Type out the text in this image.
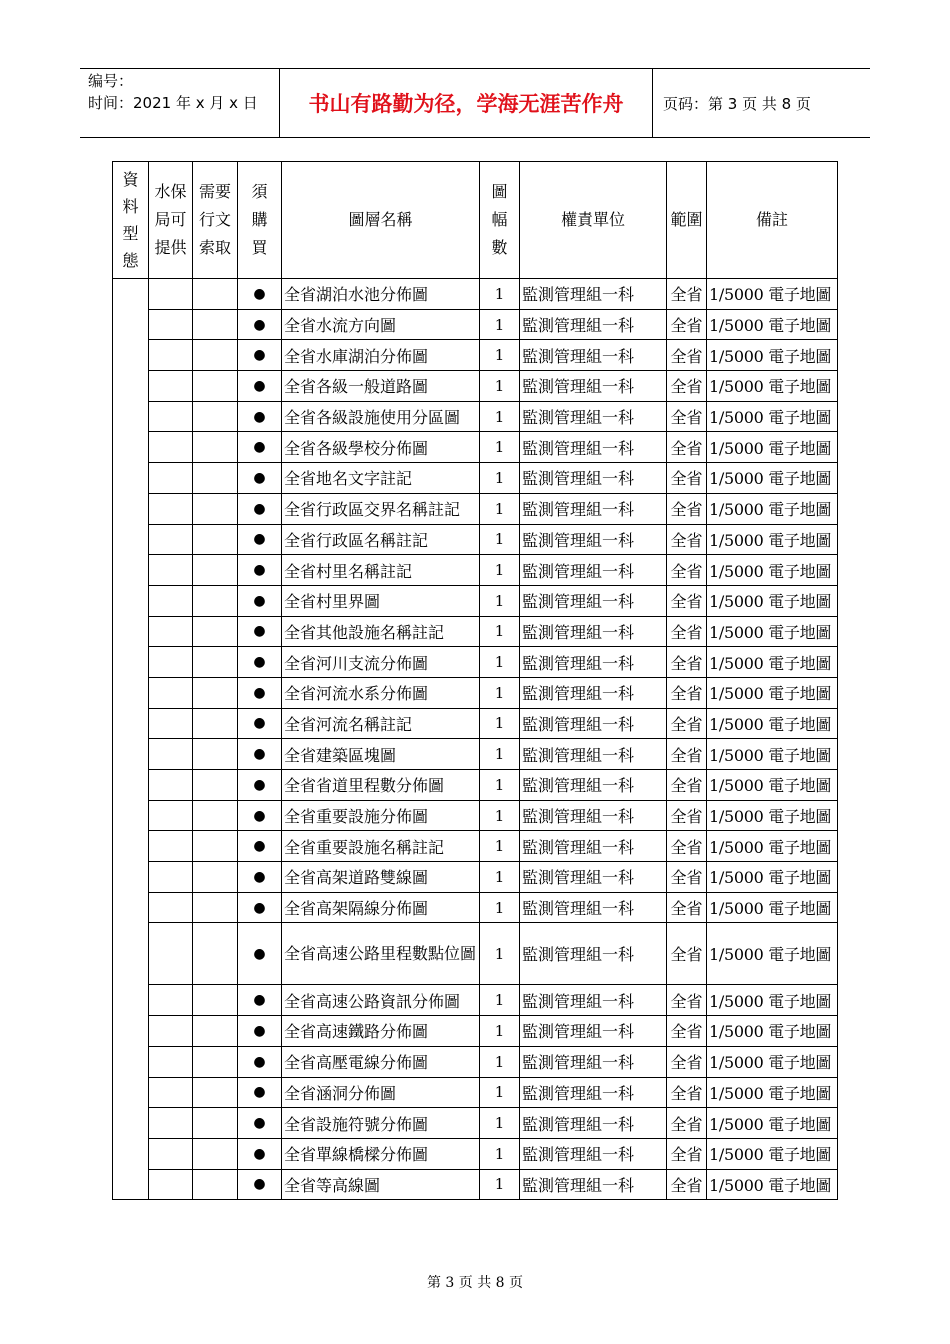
编号：
时间：2021 年 x 月 x 日	书山有路勤为径，学海无涯苦作舟	页码：第 3 页 共 8 页
資料型態	水保局可提供	需要行文索取	須購買	圖層名稱	圖幅數	權責單位	範圍	備註
			●	全省湖泊水池分佈圖	1	監測管理組一科	全省	1/5000 電子地圖
			●	全省水流方向圖	1	監測管理組一科	全省	1/5000 電子地圖
			●	全省水庫湖泊分佈圖	1	監測管理組一科	全省	1/5000 電子地圖
			●	全省各級一般道路圖	1	監測管理組一科	全省	1/5000 電子地圖
			●	全省各級設施使用分區圖	1	監測管理組一科	全省	1/5000 電子地圖
			●	全省各級學校分佈圖	1	監測管理組一科	全省	1/5000 電子地圖
			●	全省地名文字註記	1	監測管理組一科	全省	1/5000 電子地圖
			●	全省行政區交界名稱註記	1	監測管理組一科	全省	1/5000 電子地圖
			●	全省行政區名稱註記	1	監測管理組一科	全省	1/5000 電子地圖
			●	全省村里名稱註記	1	監測管理組一科	全省	1/5000 電子地圖
			●	全省村里界圖	1	監測管理組一科	全省	1/5000 電子地圖
			●	全省其他設施名稱註記	1	監測管理組一科	全省	1/5000 電子地圖
			●	全省河川支流分佈圖	1	監測管理組一科	全省	1/5000 電子地圖
			●	全省河流水系分佈圖	1	監測管理組一科	全省	1/5000 電子地圖
			●	全省河流名稱註記	1	監測管理組一科	全省	1/5000 電子地圖
			●	全省建築區塊圖	1	監測管理組一科	全省	1/5000 電子地圖
			●	全省省道里程數分佈圖	1	監測管理組一科	全省	1/5000 電子地圖
			●	全省重要設施分佈圖	1	監測管理組一科	全省	1/5000 電子地圖
			●	全省重要設施名稱註記	1	監測管理組一科	全省	1/5000 電子地圖
			●	全省高架道路雙線圖	1	監測管理組一科	全省	1/5000 電子地圖
			●	全省高架隔線分佈圖	1	監測管理組一科	全省	1/5000 電子地圖
			●	全省高速公路里程數點位圖	1	監測管理組一科	全省	1/5000 電子地圖
			●	全省高速公路資訊分佈圖	1	監測管理組一科	全省	1/5000 電子地圖
			●	全省高速鐵路分佈圖	1	監測管理組一科	全省	1/5000 電子地圖
			●	全省高壓電線分佈圖	1	監測管理組一科	全省	1/5000 電子地圖
			●	全省涵洞分佈圖	1	監測管理組一科	全省	1/5000 電子地圖
			●	全省設施符號分佈圖	1	監測管理組一科	全省	1/5000 電子地圖
			●	全省單線橋樑分佈圖	1	監測管理組一科	全省	1/5000 電子地圖
			●	全省等高線圖	1	監測管理組一科	全省	1/5000 電子地圖
第 3 页 共 8 页
